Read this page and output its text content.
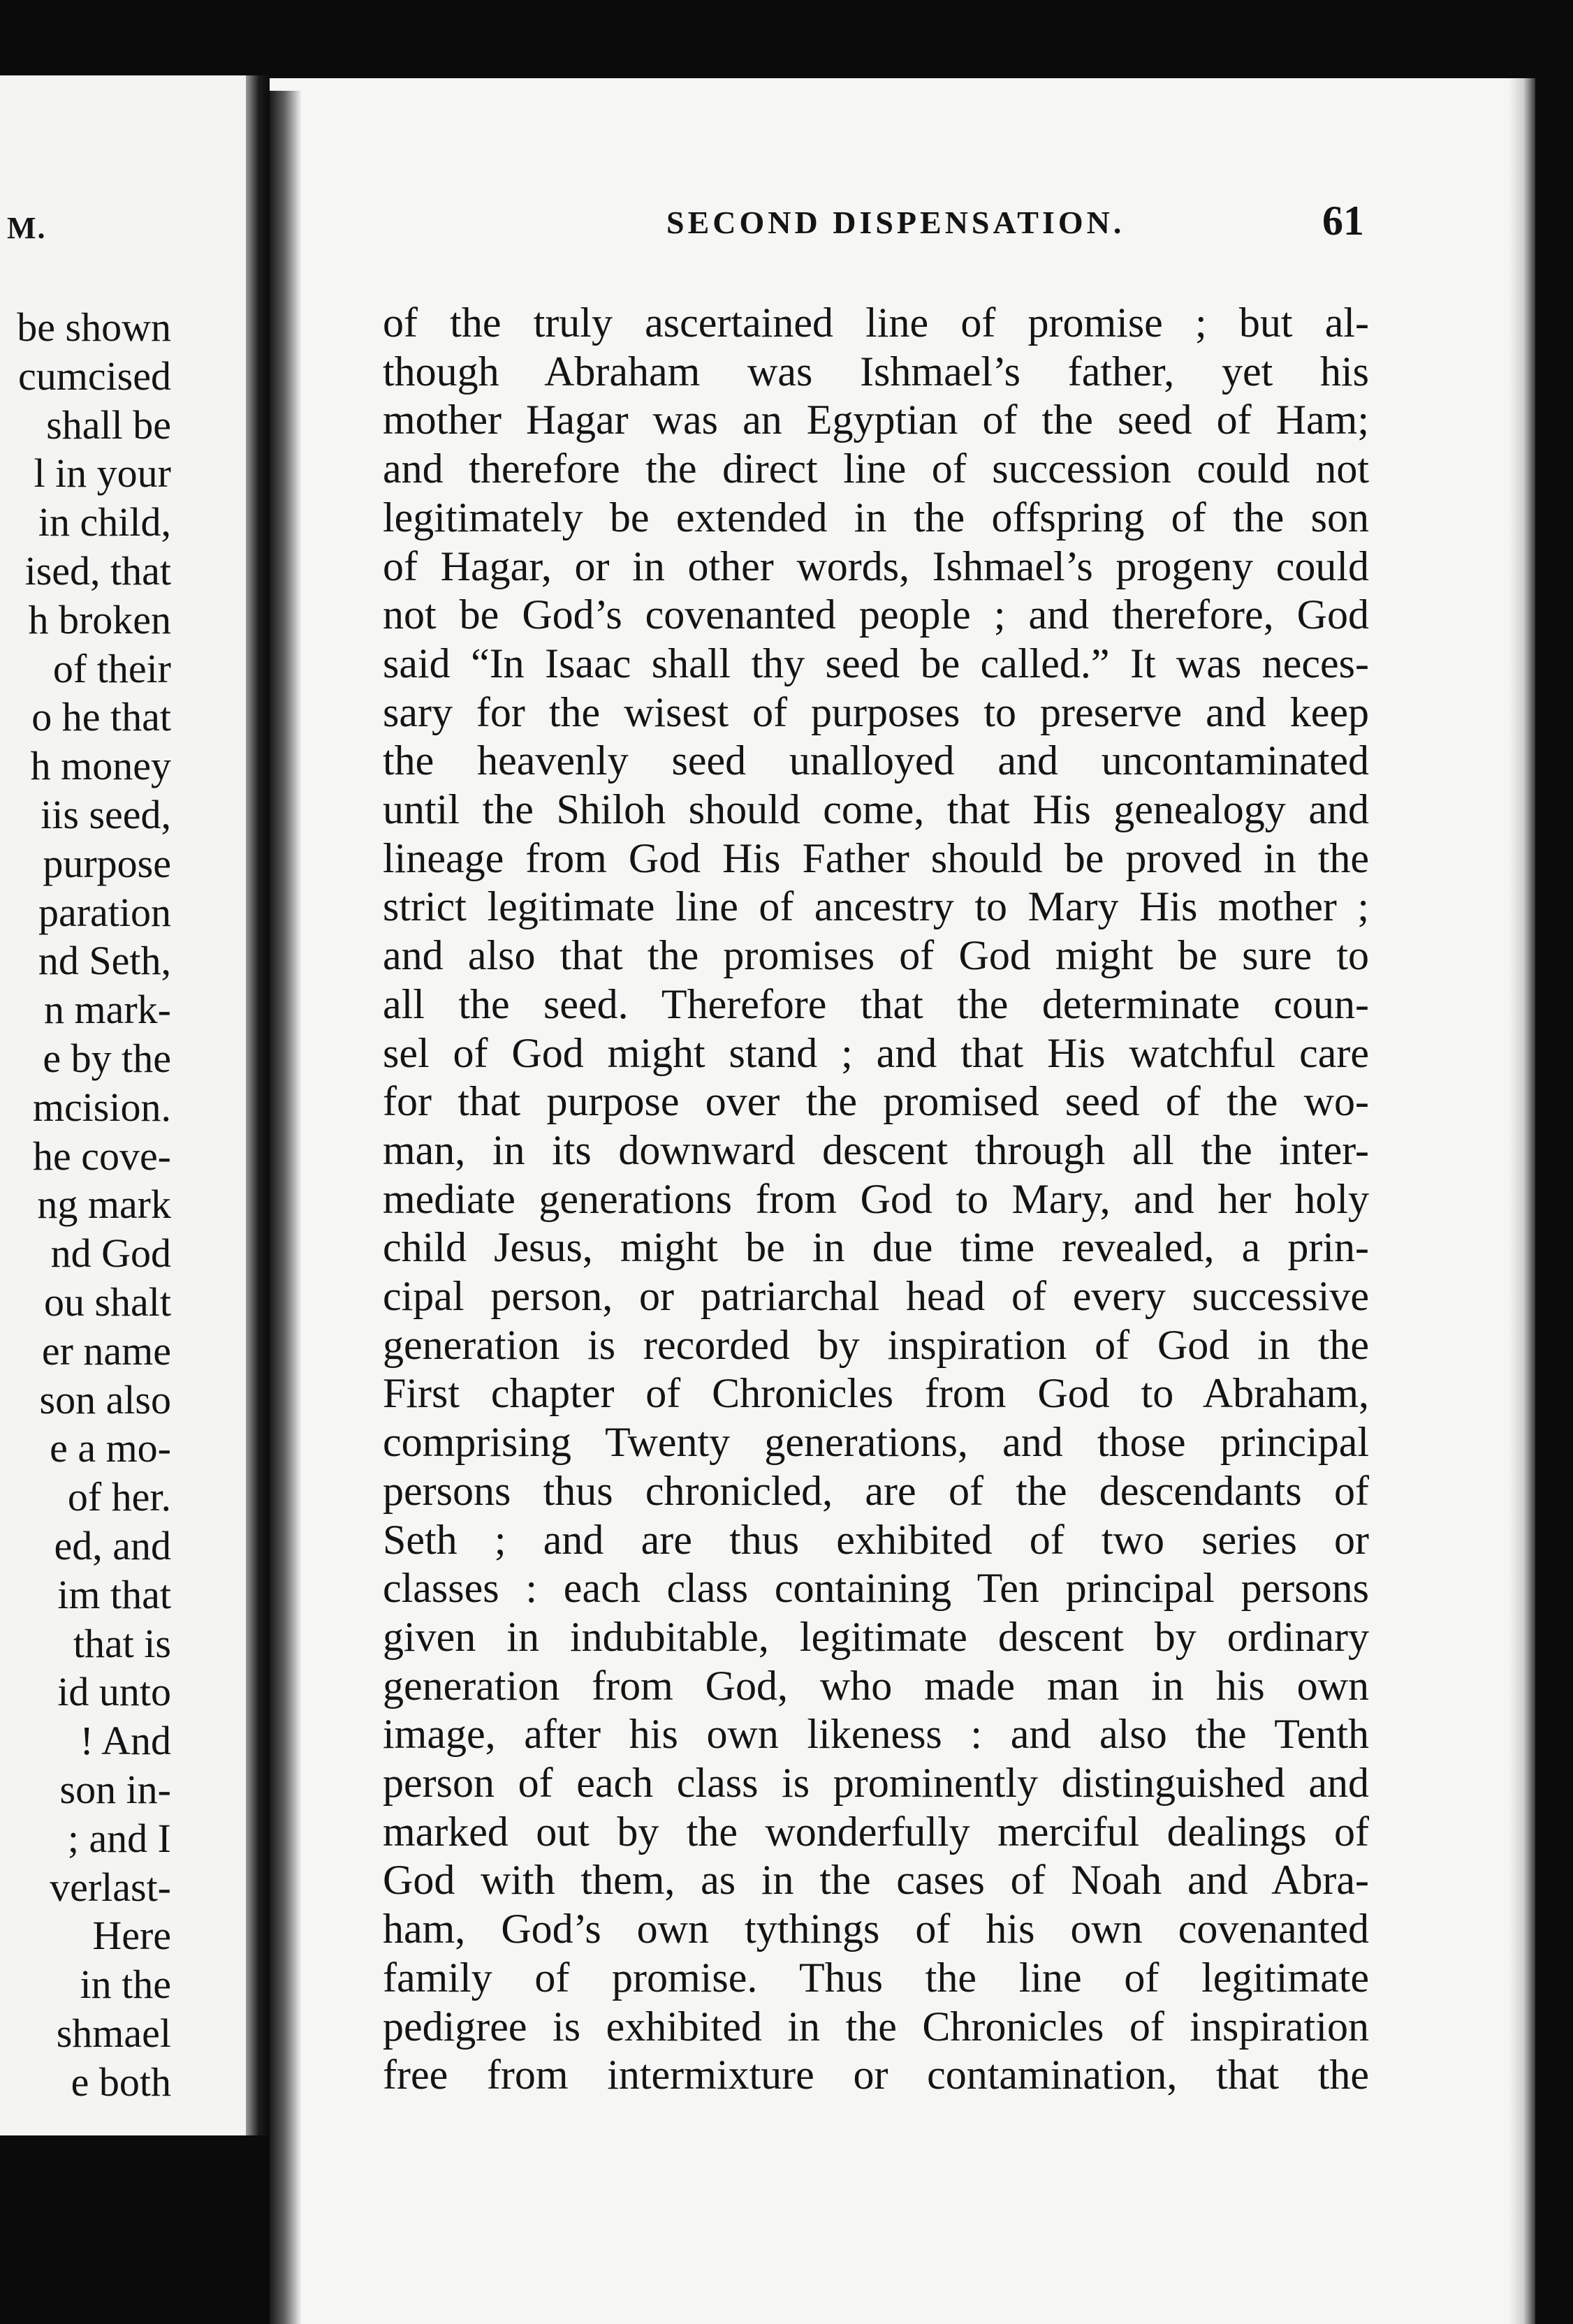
M.
be shown
cumcised
shall be
l in your
in child,
ised, that
h broken
of their
o he that
h money
iis seed,
purpose
paration
nd Seth,
n mark-
e by the
mcision.
he cove-
ng mark
nd God
ou shalt
er name
son also
e a mo-
of her.
ed, and
im that
that is
id unto
! And
son in-
; and I
verlast-
Here
in the
shmael
e both
SECOND DISPENSATION.	61
of the truly ascertained line of promise ; but al-
though Abraham was Ishmael’s father, yet his
mother Hagar was an Egyptian of the seed of Ham;
and therefore the direct line of succession could not
legitimately be extended in the offspring of the son
of Hagar, or in other words, Ishmael’s progeny could
not be God’s covenanted people ; and therefore, God
said “In Isaac shall thy seed be called.” It was neces-
sary for the wisest of purposes to preserve and keep
the heavenly seed unalloyed and uncontaminated
until the Shiloh should come, that His genealogy and
lineage from God His Father should be proved in the
strict legitimate line of ancestry to Mary His mother ;
and also that the promises of God might be sure to
all the seed. Therefore that the determinate coun-
sel of God might stand ; and that His watchful care
for that purpose over the promised seed of the wo-
man, in its downward descent through all the inter-
mediate generations from God to Mary, and her holy
child Jesus, might be in due time revealed, a prin-
cipal person, or patriarchal head of every successive
generation is recorded by inspiration of God in the
First chapter of Chronicles from God to Abraham,
comprising Twenty generations, and those principal
persons thus chronicled, are of the descendants of
Seth ; and are thus exhibited of two series or
classes : each class containing Ten principal persons
given in indubitable, legitimate descent by ordinary
generation from God, who made man in his own
image, after his own likeness : and also the Tenth
person of each class is prominently distinguished and
marked out by the wonderfully merciful dealings of
God with them, as in the cases of Noah and Abra-
ham, God’s own tythings of his own covenanted
family of promise. Thus the line of legitimate
pedigree is exhibited in the Chronicles of inspiration
free from intermixture or contamination, that the
